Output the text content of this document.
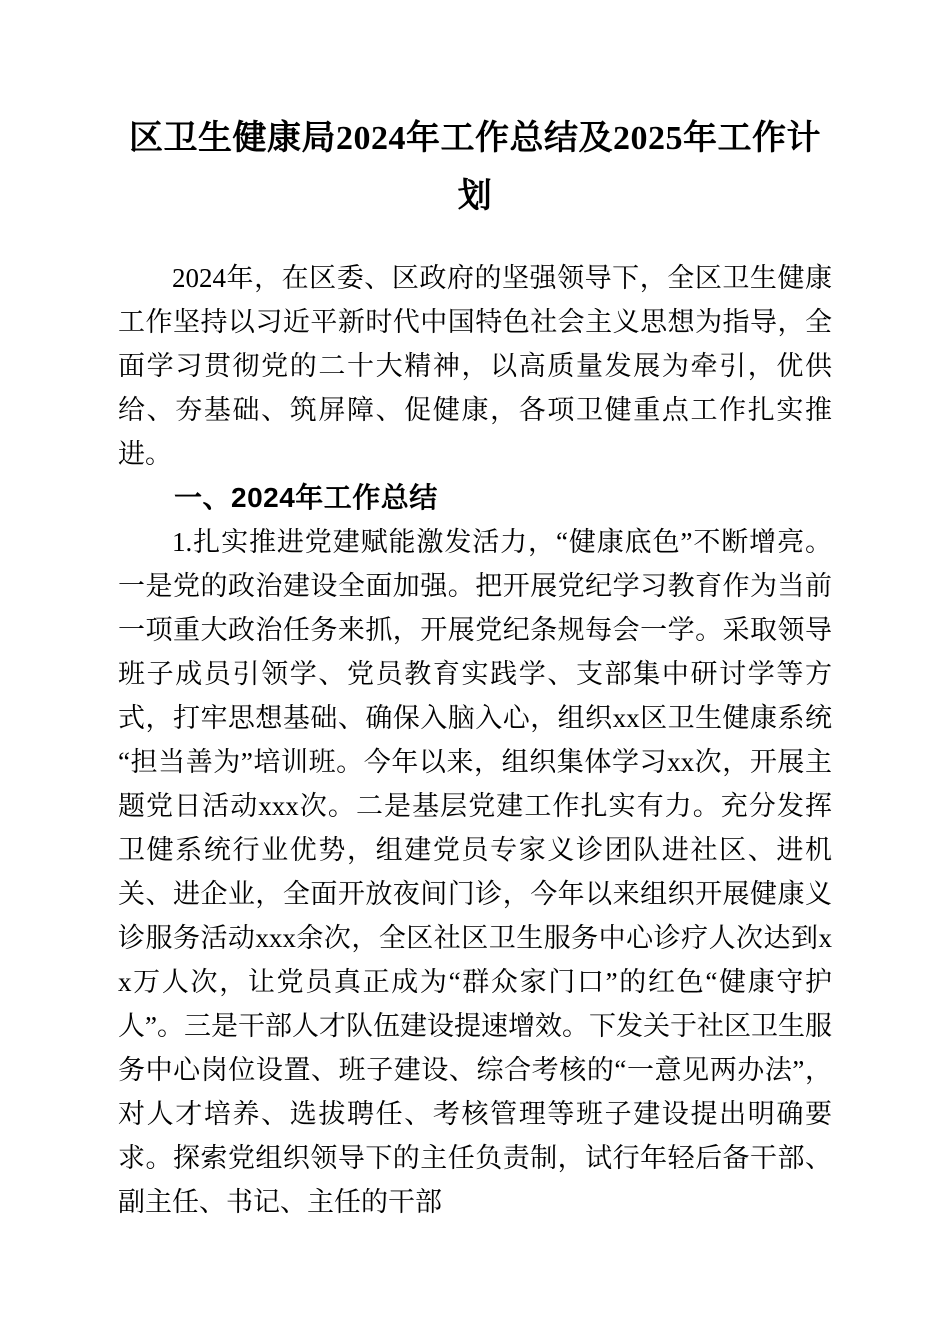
区卫生健康局2024年工作总结及2025年工作计划

2024年，在区委、区政府的坚强领导下，全区卫生健康工作坚持以习近平新时代中国特色社会主义思想为指导，全面学习贯彻党的二十大精神，以高质量发展为牵引，优供给、夯基础、筑屏障、促健康，各项卫健重点工作扎实推进。

一、2024年工作总结

1.扎实推进党建赋能激发活力，“健康底色”不断增亮。一是党的政治建设全面加强。把开展党纪学习教育作为当前一项重大政治任务来抓，开展党纪条规每会一学。采取领导班子成员引领学、党员教育实践学、支部集中研讨学等方式，打牢思想基础、确保入脑入心，组织xx区卫生健康系统“担当善为”培训班。今年以来，组织集体学习xx次，开展主题党日活动xxx次。二是基层党建工作扎实有力。充分发挥卫健系统行业优势，组建党员专家义诊团队进社区、进机关、进企业，全面开放夜间门诊，今年以来组织开展健康义诊服务活动xxx余次，全区社区卫生服务中心诊疗人次达到xx万人次，让党员真正成为“群众家门口”的红色“健康守护人”。三是干部人才队伍建设提速增效。下发关于社区卫生服务中心岗位设置、班子建设、综合考核的“一意见两办法”，对人才培养、选拔聘任、考核管理等班子建设提出明确要求。探索党组织领导下的主任负责制，试行年轻后备干部、副主任、书记、主任的干部
